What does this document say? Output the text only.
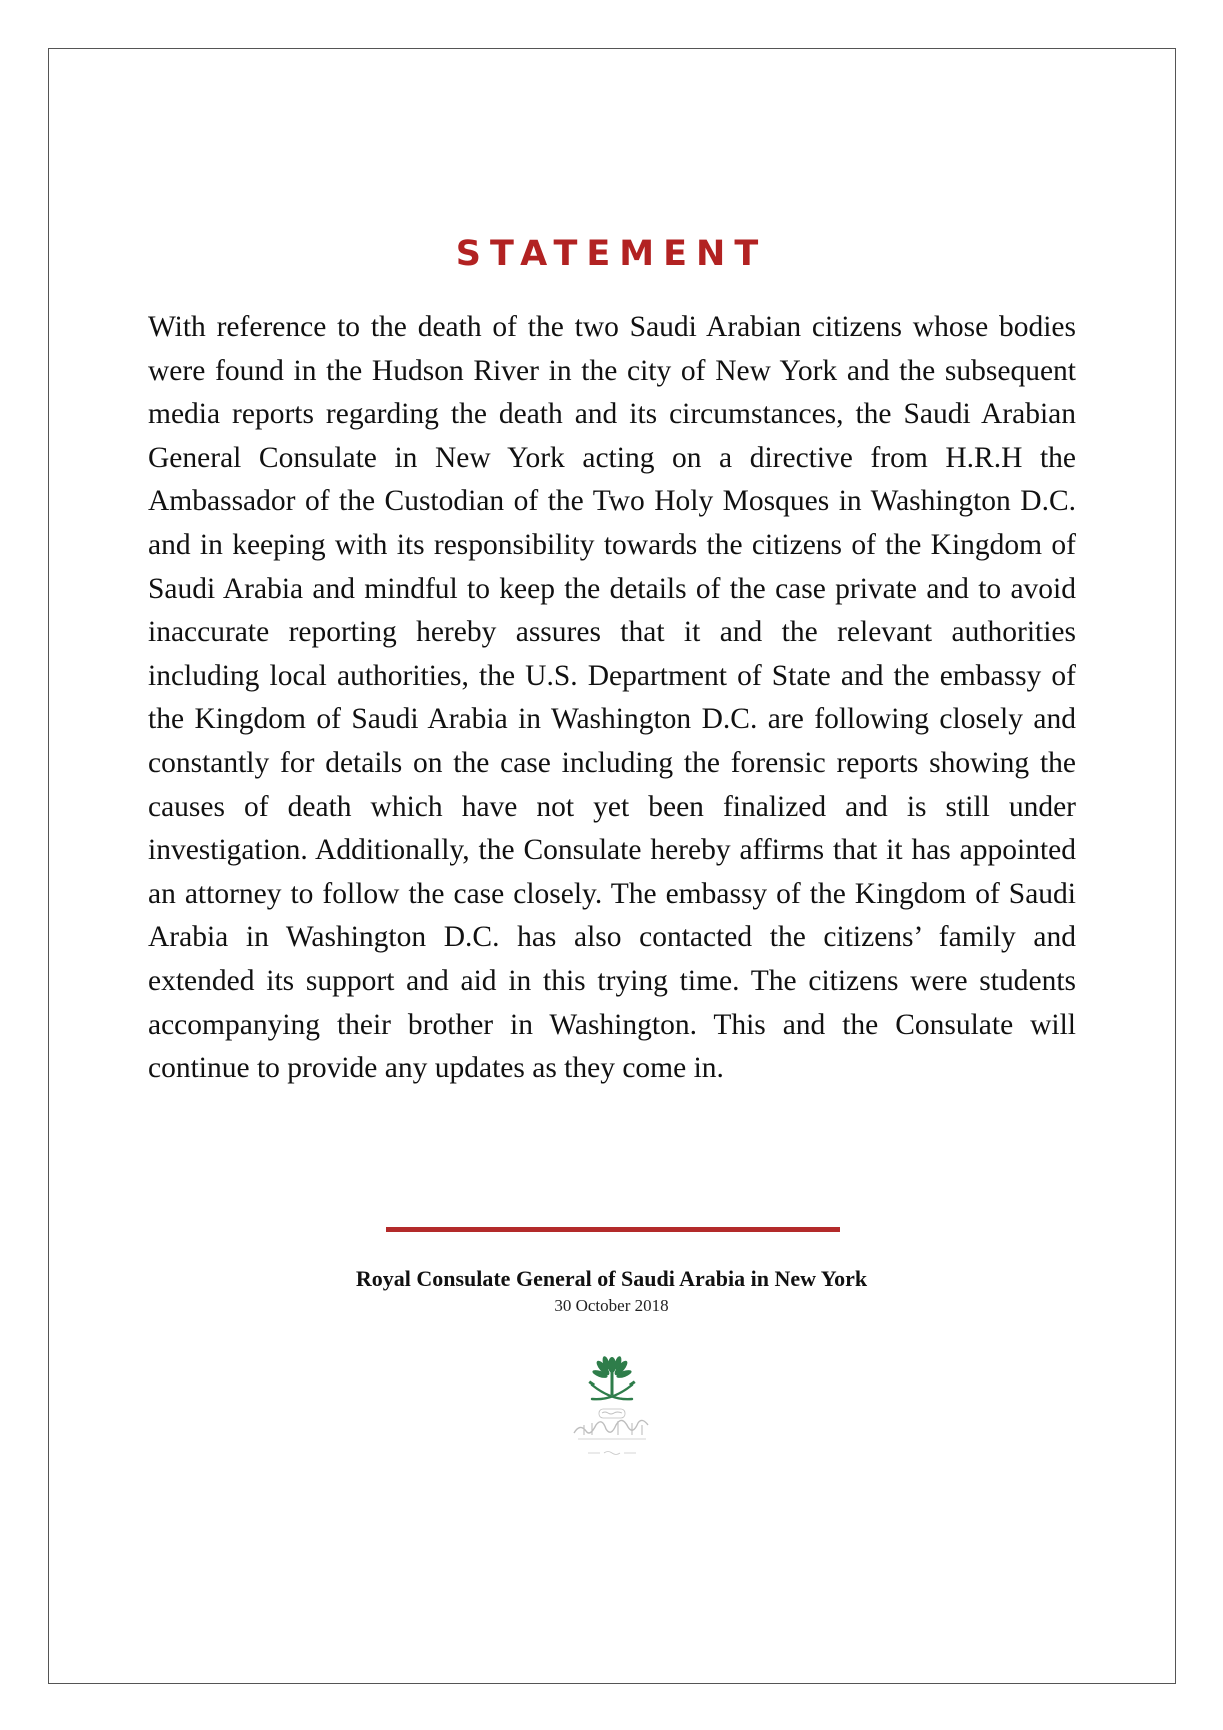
STATEMENT

With reference to the death of the two Saudi Arabian citizens whose bodies were found in the Hudson River in the city of New York and the subsequent media reports regarding the death and its circumstances, the Saudi Arabian General Consulate in New York acting on a directive from H.R.H the Ambassador of the Custodian of the Two Holy Mosques in Washington D.C. and in keeping with its responsibility towards the citizens of the Kingdom of Saudi Arabia and mindful to keep the details of the case private and to avoid inaccurate reporting hereby assures that it and the relevant authorities including local authorities, the U.S. Department of State and the embassy of the Kingdom of Saudi Arabia in Washington D.C. are following closely and constantly for details on the case including the forensic reports showing the causes of death which have not yet been finalized and is still under investigation. Additionally, the Consulate hereby affirms that it has appointed an attorney to follow the case closely. The embassy of the Kingdom of Saudi Arabia in Washington D.C. has also contacted the citizens’ family and extended its support and aid in this trying time. The citizens were students accompanying their brother in Washington. This and the Consulate will continue to provide any updates as they come in.

Royal Consulate General of Saudi Arabia in New York

30 October 2018
